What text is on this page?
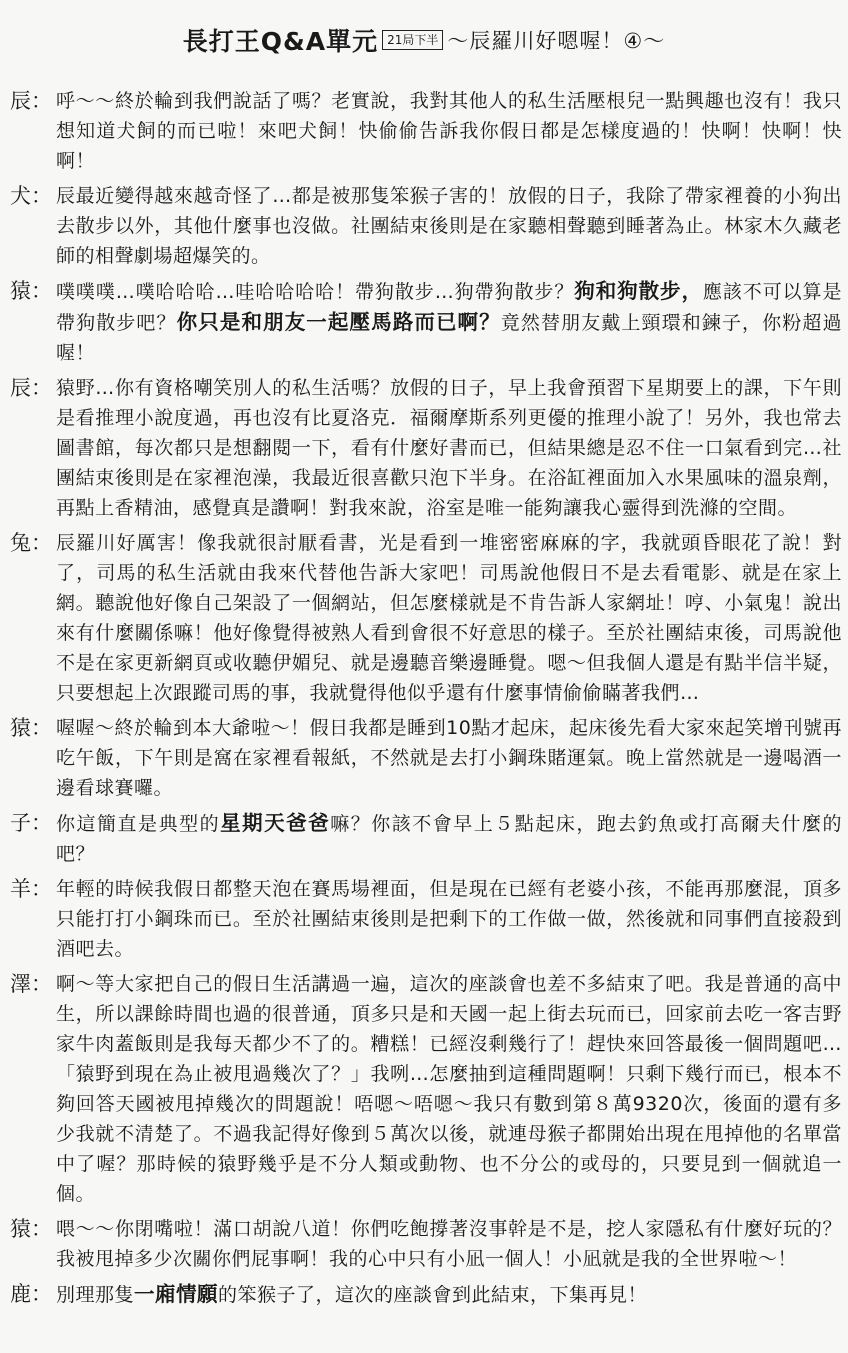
長打王Q&A單元 21局下半 ～辰羅川好嗯喔！④～
辰： 呼～～終於輪到我們說話了嗎？老實說，我對其他人的私生活壓根兒一點興趣也沒有！我只想知道犬飼的而已啦！來吧犬飼！快偷偷告訴我你假日都是怎樣度過的！快啊！快啊！快啊！
犬： 辰最近變得越來越奇怪了…都是被那隻笨猴子害的！放假的日子，我除了帶家裡養的小狗出去散步以外，其他什麼事也沒做。社團結束後則是在家聽相聲聽到睡著為止。林家木久藏老師的相聲劇場超爆笑的。
猿： 噗噗噗…噗哈哈哈…哇哈哈哈哈！帶狗散步…狗帶狗散步？狗和狗散步，應該不可以算是帶狗散步吧？你只是和朋友一起壓馬路而已啊？竟然替朋友戴上頸環和鍊子，你粉超過喔！
辰： 猿野…你有資格嘲笑別人的私生活嗎？放假的日子，早上我會預習下星期要上的課，下午則是看推理小說度過，再也沒有比夏洛克．福爾摩斯系列更優的推理小說了！另外，我也常去圖書館，每次都只是想翻閱一下，看有什麼好書而已，但結果總是忍不住一口氣看到完…社團結束後則是在家裡泡澡，我最近很喜歡只泡下半身。在浴缸裡面加入水果風味的溫泉劑，再點上香精油，感覺真是讚啊！對我來說，浴室是唯一能夠讓我心靈得到洗滌的空間。
兔： 辰羅川好厲害！像我就很討厭看書，光是看到一堆密密麻麻的字，我就頭昏眼花了說！對了，司馬的私生活就由我來代替他告訴大家吧！司馬說他假日不是去看電影、就是在家上網。聽說他好像自己架設了一個網站，但怎麼樣就是不肯告訴人家網址！哼、小氣鬼！說出來有什麼關係嘛！他好像覺得被熟人看到會很不好意思的樣子。至於社團結束後，司馬說他不是在家更新網頁或收聽伊媚兒、就是邊聽音樂邊睡覺。嗯～但我個人還是有點半信半疑，只要想起上次跟蹤司馬的事，我就覺得他似乎還有什麼事情偷偷瞞著我們…
猿： 喔喔～終於輪到本大爺啦～！假日我都是睡到10點才起床，起床後先看大家來起笑增刊號再吃午飯，下午則是窩在家裡看報紙，不然就是去打小鋼珠賭運氣。晚上當然就是一邊喝酒一邊看球賽囉。
子： 你這簡直是典型的星期天爸爸嘛？你該不會早上５點起床，跑去釣魚或打高爾夫什麼的吧？
羊： 年輕的時候我假日都整天泡在賽馬場裡面，但是現在已經有老婆小孩，不能再那麼混，頂多只能打打小鋼珠而已。至於社團結束後則是把剩下的工作做一做，然後就和同事們直接殺到酒吧去。
澤： 啊～等大家把自己的假日生活講過一遍，這次的座談會也差不多結束了吧。我是普通的高中生，所以課餘時間也過的很普通，頂多只是和天國一起上街去玩而已，回家前去吃一客吉野家牛肉蓋飯則是我每天都少不了的。糟糕！已經沒剩幾行了！趕快來回答最後一個問題吧…「猿野到現在為止被甩過幾次了？」我咧…怎麼抽到這種問題啊！只剩下幾行而已，根本不夠回答天國被甩掉幾次的問題說！唔嗯～唔嗯～我只有數到第８萬9320次，後面的還有多少我就不清楚了。不過我記得好像到５萬次以後，就連母猴子都開始出現在甩掉他的名單當中了喔？那時候的猿野幾乎是不分人類或動物、也不分公的或母的，只要見到一個就追一個。
猿： 喂～～你閉嘴啦！滿口胡說八道！你們吃飽撐著沒事幹是不是，挖人家隱私有什麼好玩的？我被甩掉多少次關你們屁事啊！我的心中只有小凪一個人！小凪就是我的全世界啦～！
鹿： 別理那隻一廂情願的笨猴子了，這次的座談會到此結束，下集再見！
